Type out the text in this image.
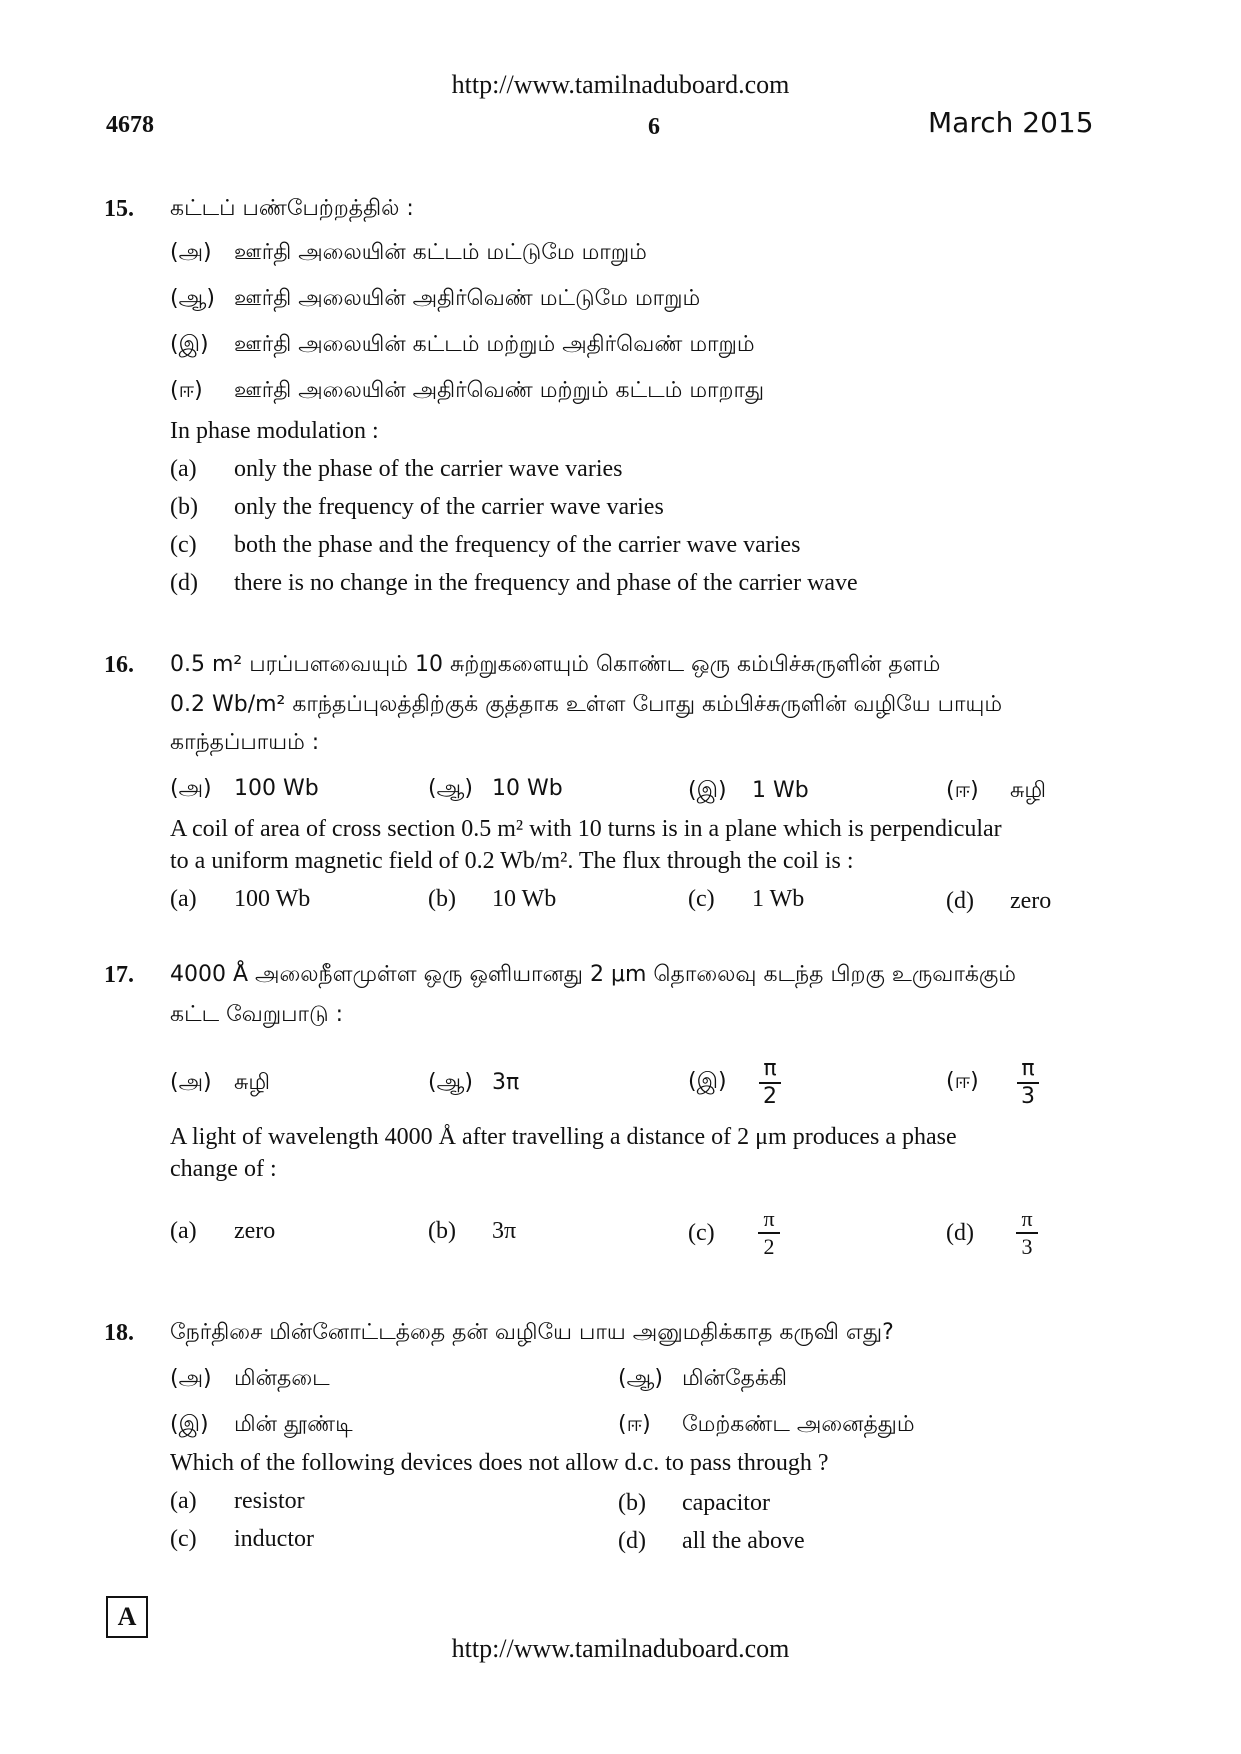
http://www.tamilnaduboard.com
4678	6	March 2015
15. கட்டப் பண்பேற்றத்தில் :
(அ) ஊர்தி அலையின் கட்டம் மட்டுமே மாறும்
(ஆ) ஊர்தி அலையின் அதிர்வெண் மட்டுமே மாறும்
(இ) ஊர்தி அலையின் கட்டம் மற்றும் அதிர்வெண் மாறும்
(ஈ) ஊர்தி அலையின் அதிர்வெண் மற்றும் கட்டம் மாறாது
In phase modulation :
(a) only the phase of the carrier wave varies
(b) only the frequency of the carrier wave varies
(c) both the phase and the frequency of the carrier wave varies
(d) there is no change in the frequency and phase of the carrier wave
16. 0.5 m² பரப்பளவையும் 10 சுற்றுகளையும் கொண்ட ஒரு கம்பிச்சுருளின் தளம்
0.2 Wb/m² காந்தப்புலத்திற்குக் குத்தாக உள்ள போது கம்பிச்சுருளின் வழியே பாயும்
காந்தப்பாயம் :
(அ) 100 Wb	(ஆ) 10 Wb	(இ) 1 Wb	(ஈ) சுழி
A coil of area of cross section 0.5 m² with 10 turns is in a plane which is perpendicular
to a uniform magnetic field of 0.2 Wb/m². The flux through the coil is :
(a) 100 Wb	(b) 10 Wb	(c) 1 Wb	(d) zero
17. 4000 Å அலைநீளமுள்ள ஒரு ஒளியானது 2 μm தொலைவு கடந்த பிறகு உருவாக்கும்
கட்ட வேறுபாடு :
(அ) சுழி	(ஆ) 3π	(இ) $\frac{\pi}{2}$	(ஈ) $\frac{\pi}{3}$
A light of wavelength 4000 Å after travelling a distance of 2 μm produces a phase
change of :
(a) zero	(b) 3π	$(c) \frac{\pi}{2}$	$(d) \frac{\pi}{3}$
18. நேர்திசை மின்னோட்டத்தை தன் வழியே பாய அனுமதிக்காத கருவி எது?
(அ) மின்தடை	(ஆ) மின்தேக்கி
(இ) மின் தூண்டி	(ஈ) மேற்கண்ட அனைத்தும்
Which of the following devices does not allow d.c. to pass through ?
(a) resistor	(b) capacitor
(c) inductor	(d) all the above
A
http://www.tamilnaduboard.com
